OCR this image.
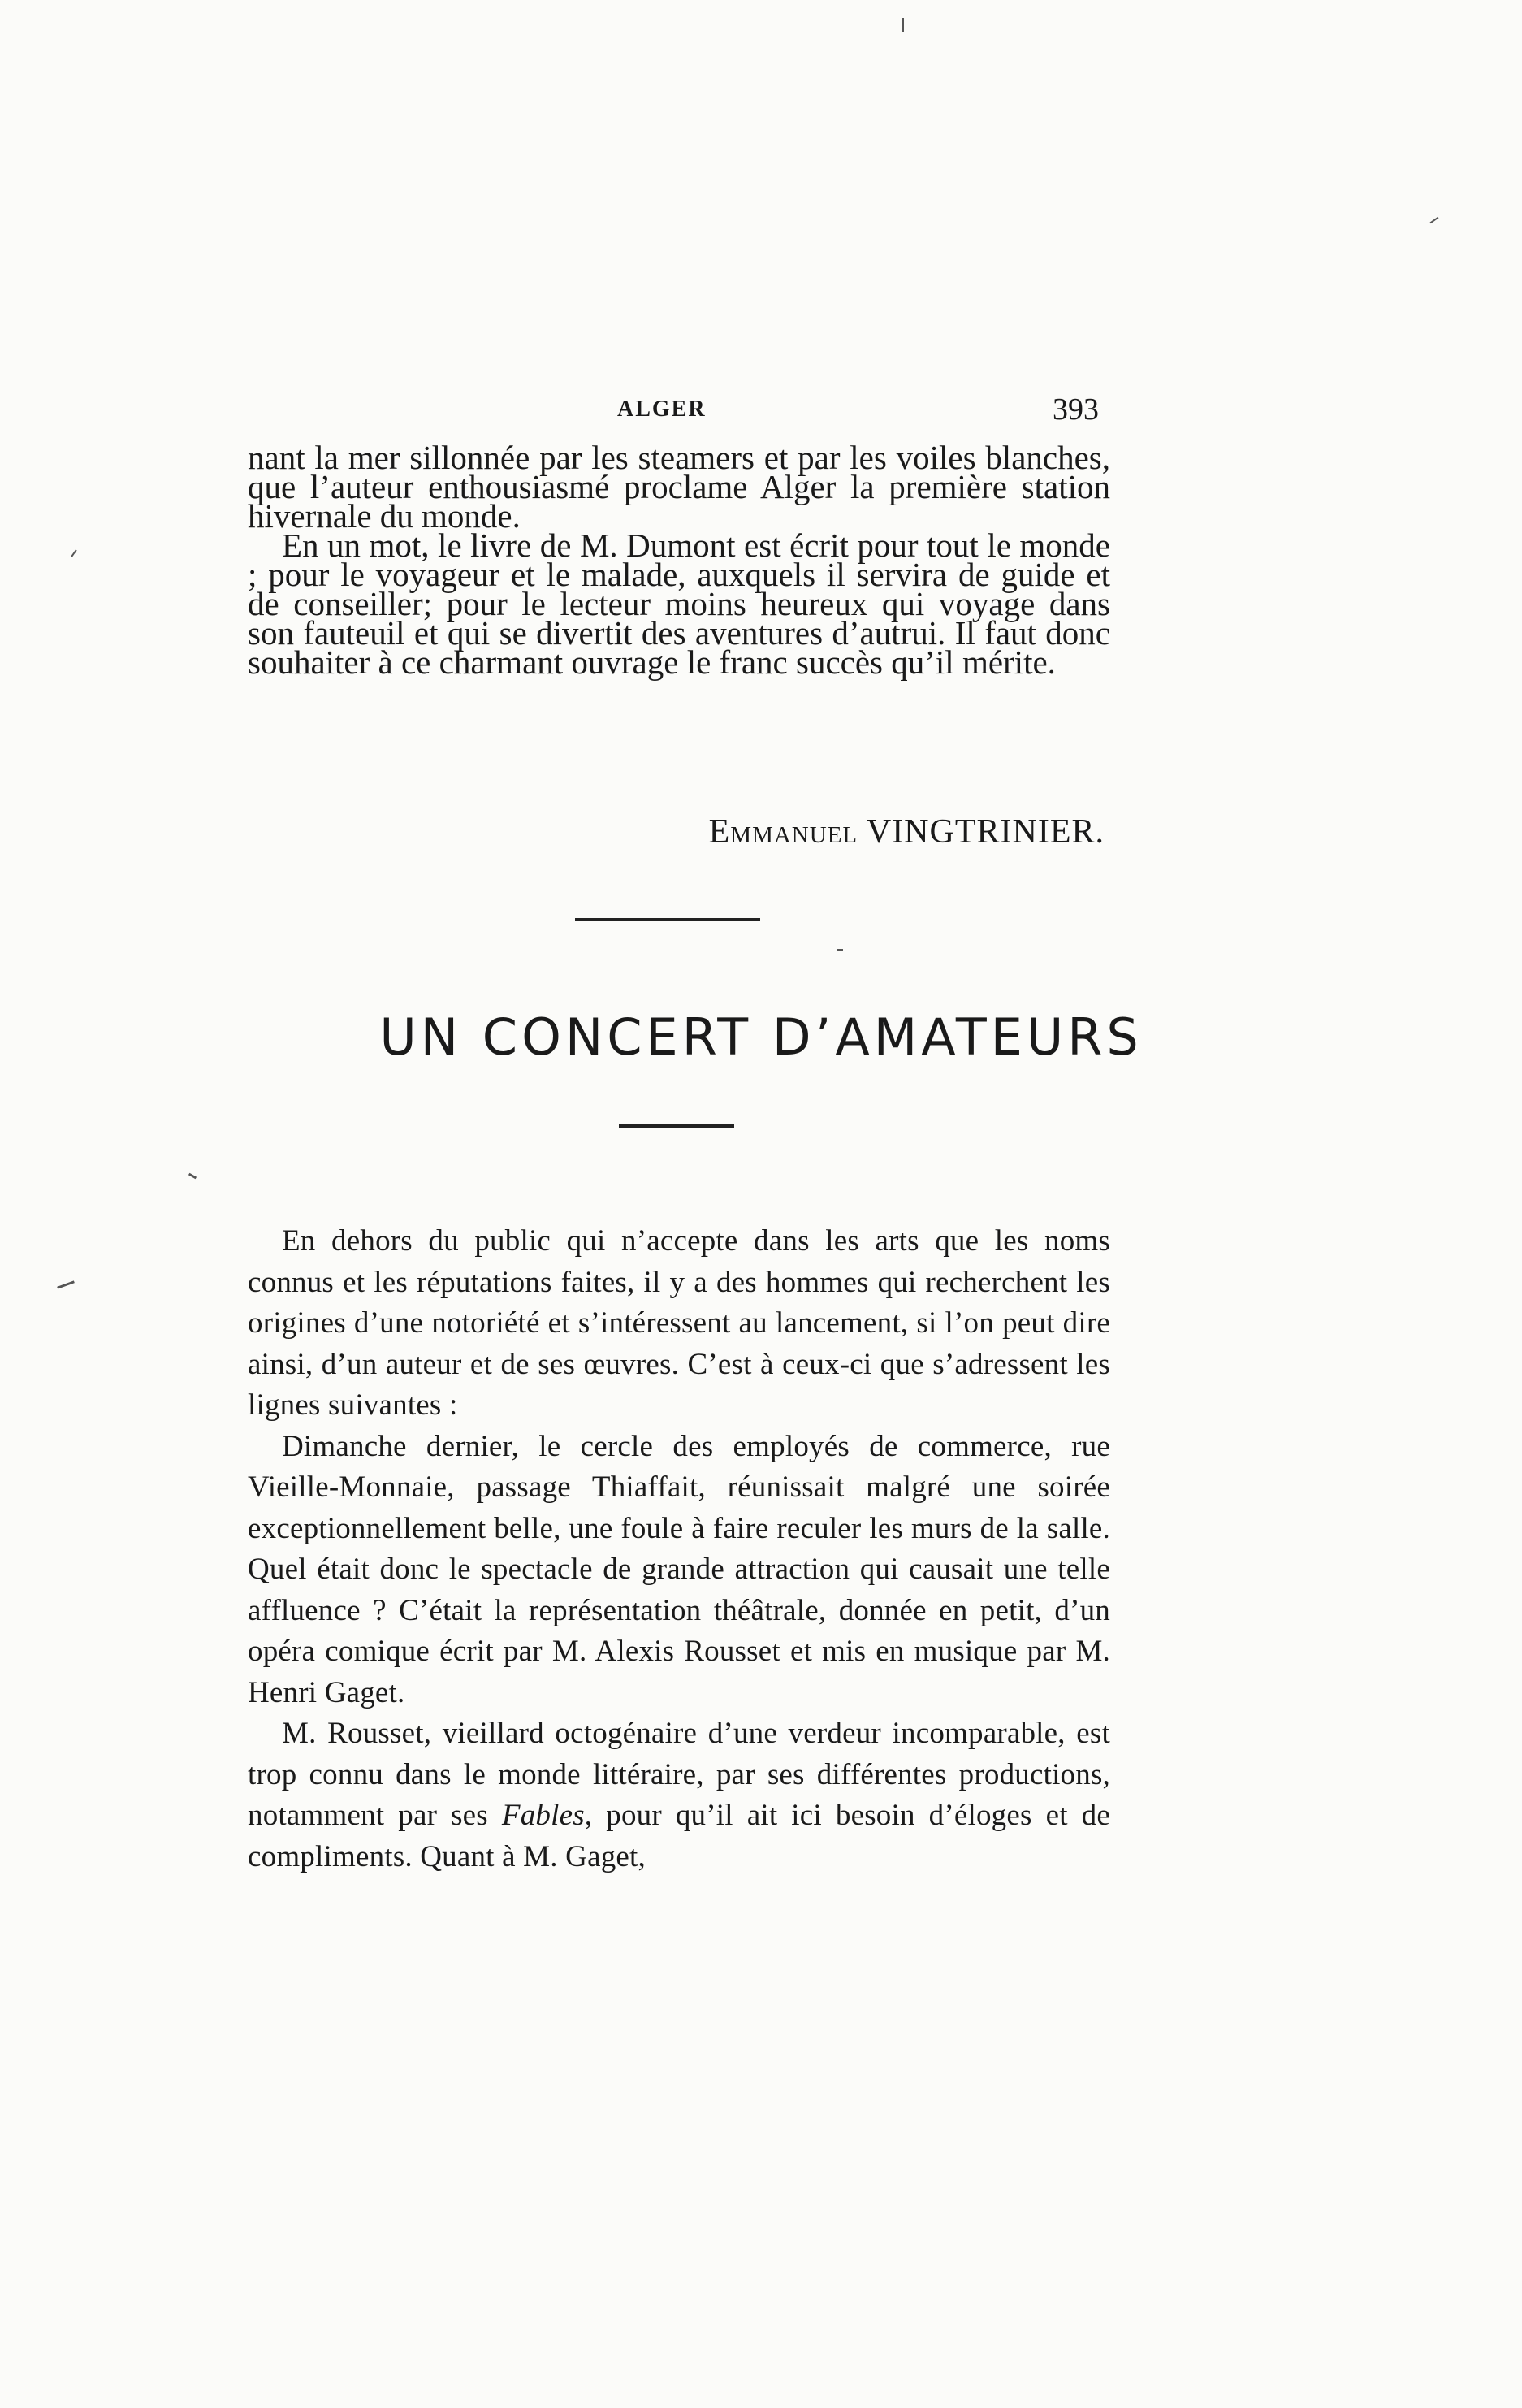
ALGER	393

nant la mer sillonnée par les steamers et par les voiles blanches, que l’auteur enthousiasmé proclame Alger la première station hivernale du monde.

En un mot, le livre de M. Dumont est écrit pour tout le monde ; pour le voyageur et le malade, auxquels il servira de guide et de conseiller; pour le lecteur moins heureux qui voyage dans son fauteuil et qui se divertit des aventures d’autrui. Il faut donc souhaiter à ce charmant ouvrage le franc succès qu’il mérite.

Emmanuel VINGTRINIER.
UN CONCERT D’AMATEURS

En dehors du public qui n’accepte dans les arts que les noms connus et les réputations faites, il y a des hommes qui recherchent les origines d’une notoriété et s’intéressent au lancement, si l’on peut dire ainsi, d’un auteur et de ses œuvres. C’est à ceux-ci que s’adressent les lignes suivantes :

Dimanche dernier, le cercle des employés de commerce, rue Vieille-Monnaie, passage Thiaffait, réunissait malgré une soirée exceptionnellement belle, une foule à faire reculer les murs de la salle. Quel était donc le spectacle de grande attraction qui causait une telle affluence ? C’était la représentation théâtrale, donnée en petit, d’un opéra comique écrit par M. Alexis Rousset et mis en musique par M. Henri Gaget.

M. Rousset, vieillard octogénaire d’une verdeur incomparable, est trop connu dans le monde littéraire, par ses différentes productions, notamment par ses Fables, pour qu’il ait ici besoin d’éloges et de compliments. Quant à M. Gaget,
